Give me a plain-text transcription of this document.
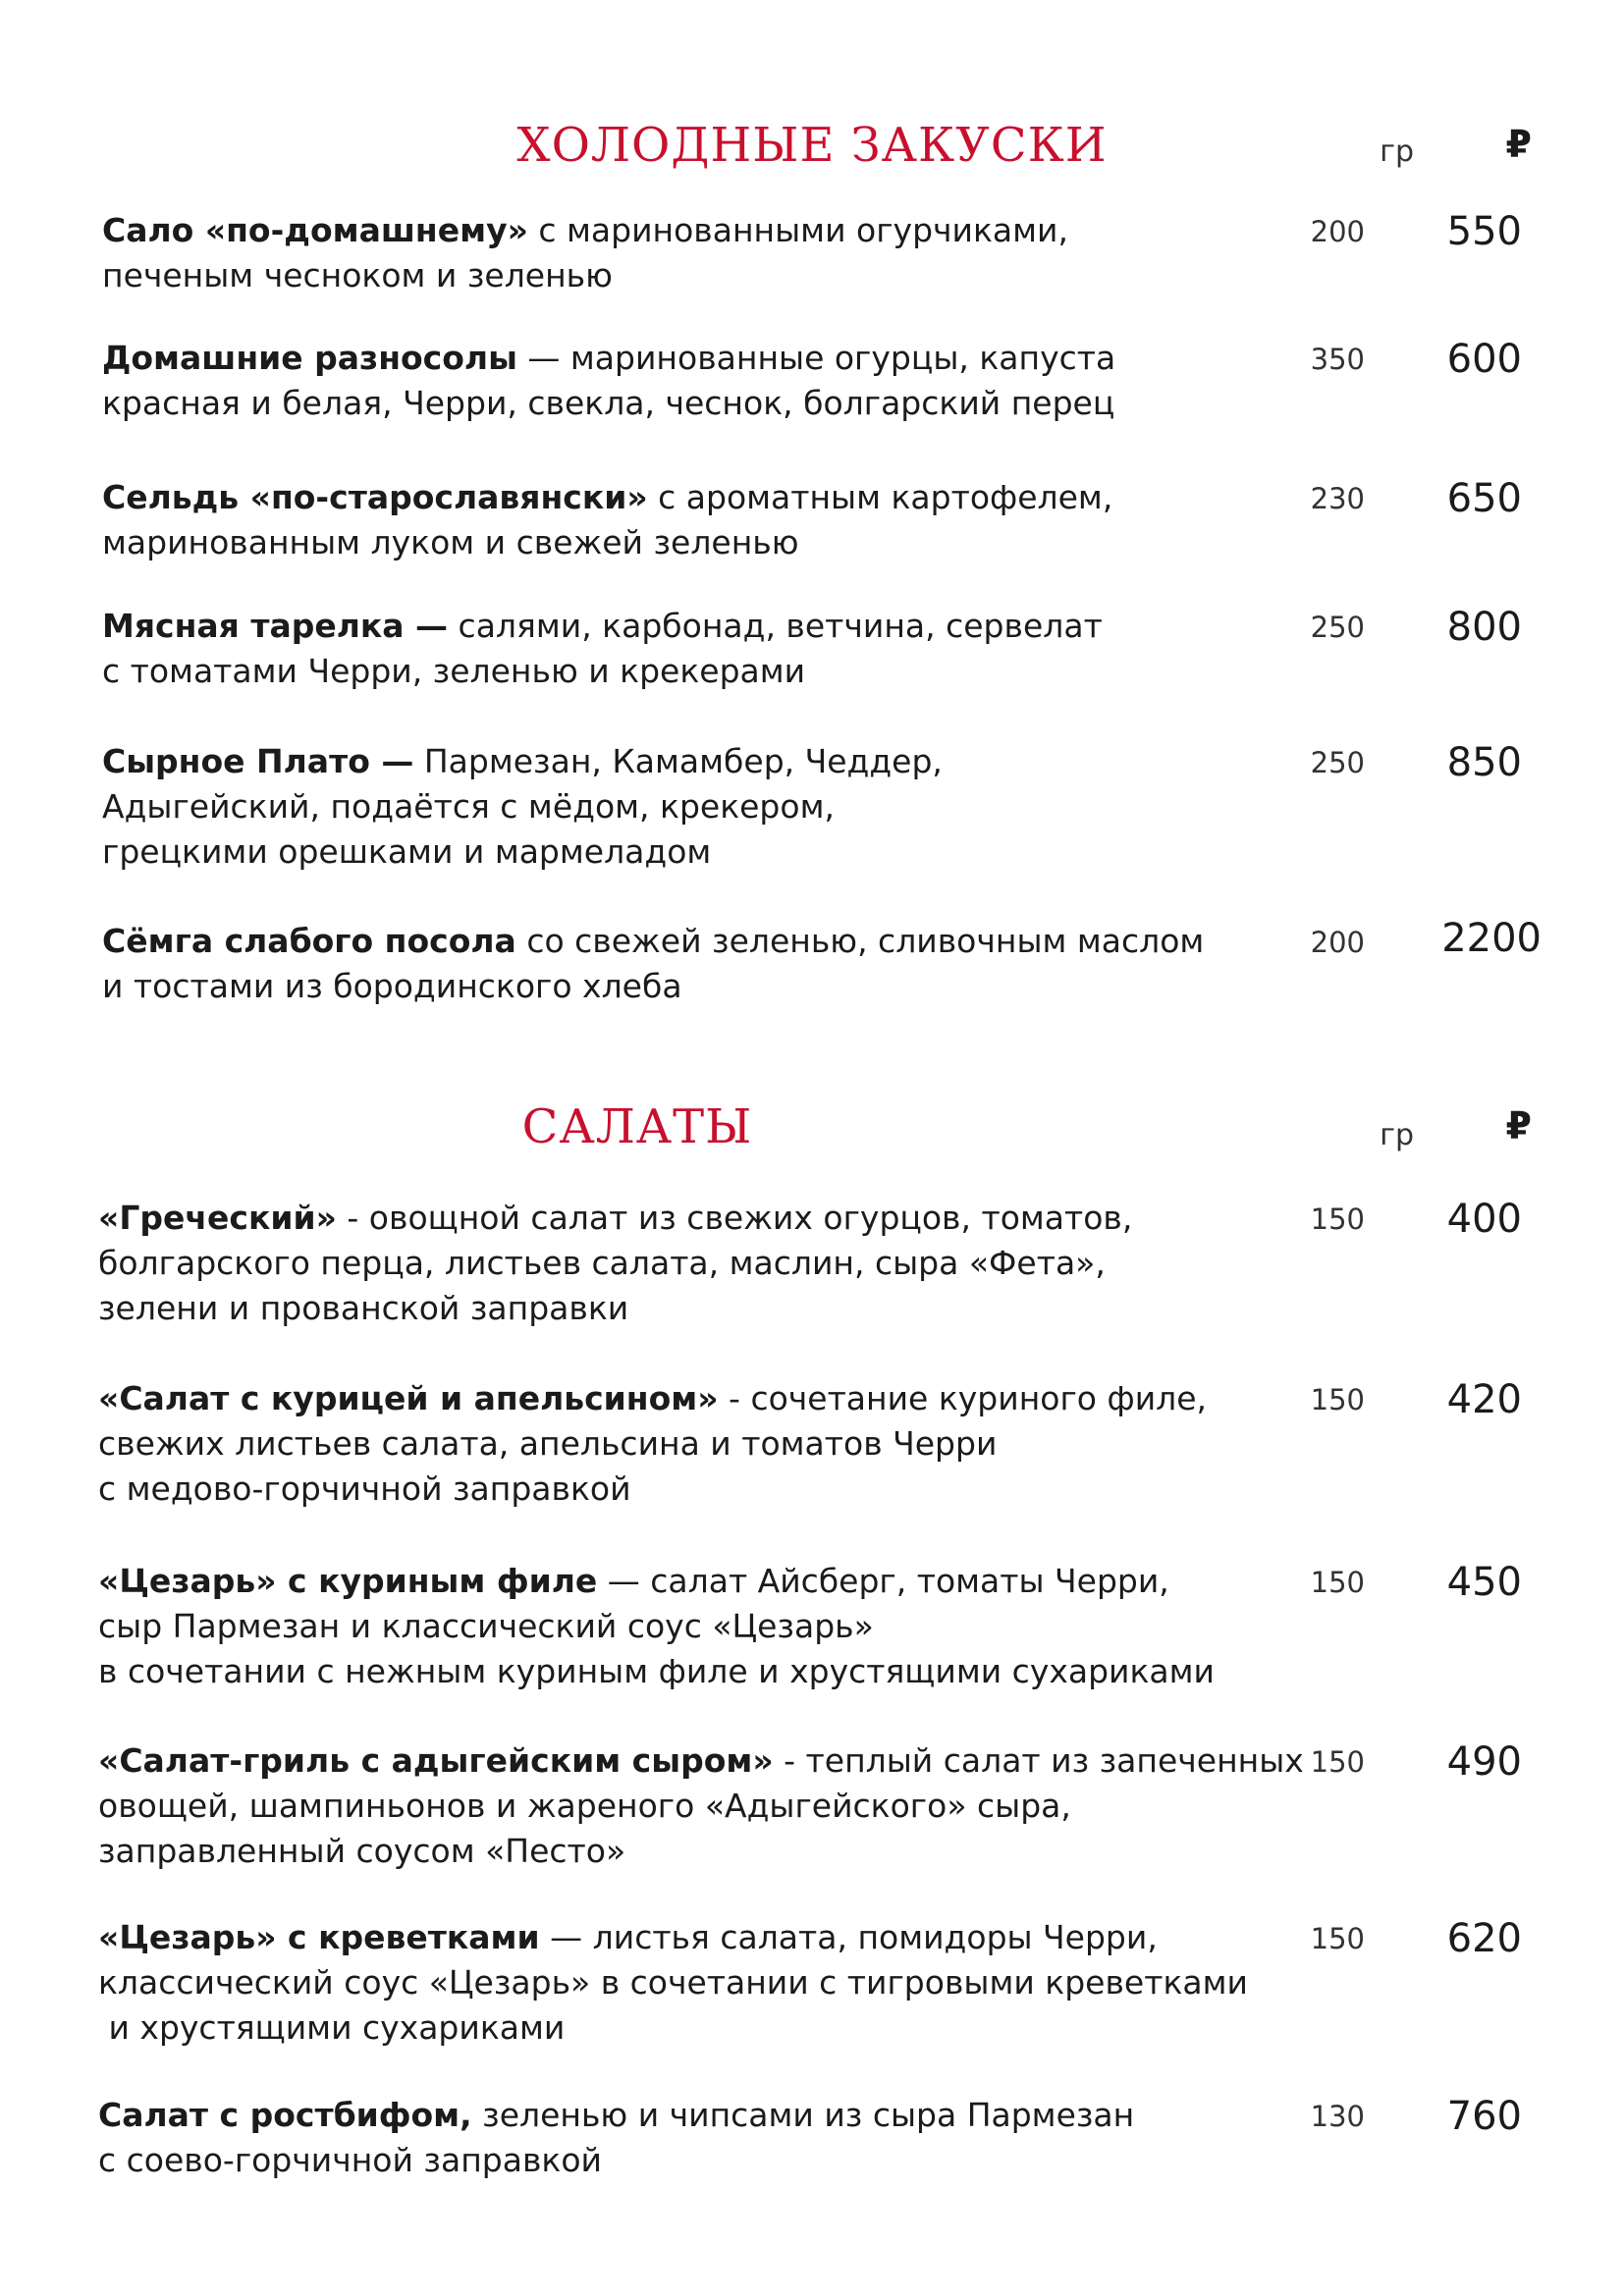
ХОЛОДНЫЕ ЗАКУСКИ	гр	₽
Сало «по-домашнему» с маринованными огурчиками,
печеным чесноком и зеленью
200	550
Домашние разносолы — маринованные огурцы, капуста
красная и белая, Черри, свекла, чеснок, болгарский перец
350	600
Сельдь «по-старославянски» с ароматным картофелем,
маринованным луком и свежей зеленью
230	650
Мясная тарелка — салями, карбонад, ветчина, сервелат
с томатами Черри, зеленью и крекерами
250	800
Сырное Плато — Пармезан, Камамбер, Чеддер,
Адыгейский, подаётся с мёдом, крекером,
грецкими орешками и мармеладом
250	850
Сёмга слабого посола со свежей зеленью, сливочным маслом
и тостами из бородинского хлеба
200	2200
САЛАТЫ	гр	₽
«Греческий» - овощной салат из свежих огурцов, томатов,
болгарского перца, листьев салата, маслин, сыра «Фета»,
зелени и прованской заправки
150	400
«Салат с курицей и апельсином» - сочетание куриного филе,
свежих листьев салата, апельсина и томатов Черри
с медово-горчичной заправкой
150	420
«Цезарь» с куриным филе — салат Айсберг, томаты Черри,
сыр Пармезан и классический соус «Цезарь»
в сочетании с нежным куриным филе и хрустящими сухариками
150	450
«Салат-гриль с адыгейским сыром» - теплый салат из запеченных
овощей, шампиньонов и жареного «Адыгейского» сыра,
заправленный соусом «Песто»
150	490
«Цезарь» с креветками — листья салата, помидоры Черри,
классический соус «Цезарь» в сочетании с тигровыми креветками
и хрустящими сухариками
150	620
Салат с ростбифом, зеленью и чипсами из сыра Пармезан
с соево-горчичной заправкой
130	760
